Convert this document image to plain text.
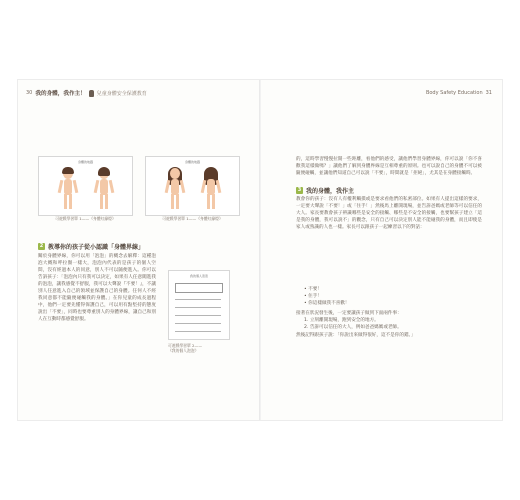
30 我的身體，我作主！ 兒童身體安全保護教育	Body Safety Education 31
身體的地圖	身體的地圖
可遊戲學習單 1——《身體紅綠燈》	可遊戲學習單 1——《身體紅綠燈》
2 教導你的孩子從小認識「身體界線」
關於身體界線，你可以用「泡泡」的概念去解釋：這種泡泡大概和呼拉圈一樣大，泡泡內代表的是孩子的個人空間，沒有經過本人的同意，別人不可以隨便進入。你可以告訴孩子：「泡泡內只有我可以決定，如果有人任意闖進我的泡泡，讓我感覺不舒服，我可以大聲說『不要！』，不讓別人任意進入自己的領域並保護自己的身體。任何人不經我同意都不能隨便碰觸我的身體。」在你兒童的成長過程中，他們一定要先懂得保護自己，可以用有點堅持的態度說出「不要」，同時也要尊重別人的身體界線，讓自己和別人在互動時都感覺舒服。
我的個人泡泡
可遊戲學習單 2——
《我的個人泡泡》
的，這時學習慢慢拉開一些距離，看他們的感受，讓他們學習身體界線，你可以說「你不喜歡我這樣做嗎？」讓他們了解到身體界線是互相尊重的原則。也可以說自己的身體不可以被隨便碰觸，並讓他們知道自己可以說「不要」，時間就是「拒絕」，尤其是在身體接觸時。
3 我的身體，我作主
教會你的孩子：沒有人有權利觸摸或是要求看他們的私密部位。如果有人提出這樣的要求，一定要大聲說「不要！」或「住手！」然後馬上離開現場，並告訴爸媽或老師等可以信任的大人。家長要教會孩子辨識哪些是安全的接觸、哪些是不安全的接觸，也要幫孩子建立「這是我的身體，我可以說不」的觀念，只有自己可以決定別人能不能碰我的身體，而且即使是家人或熟識的人也一樣。家長可以跟孩子一起練習以下的對話：
• 不要！
• 住手！
• 你這樣做我不喜歡！
接著在狀況發生後，一定要讓孩子做到下面兩件事：
1. 立刻離開現場，跑到安全的地方。
2. 告訴可以信任的大人，例如爸爸媽媽或老師。
然後記得跟孩子說：「你說出來做得很好，這不是你的錯。」
